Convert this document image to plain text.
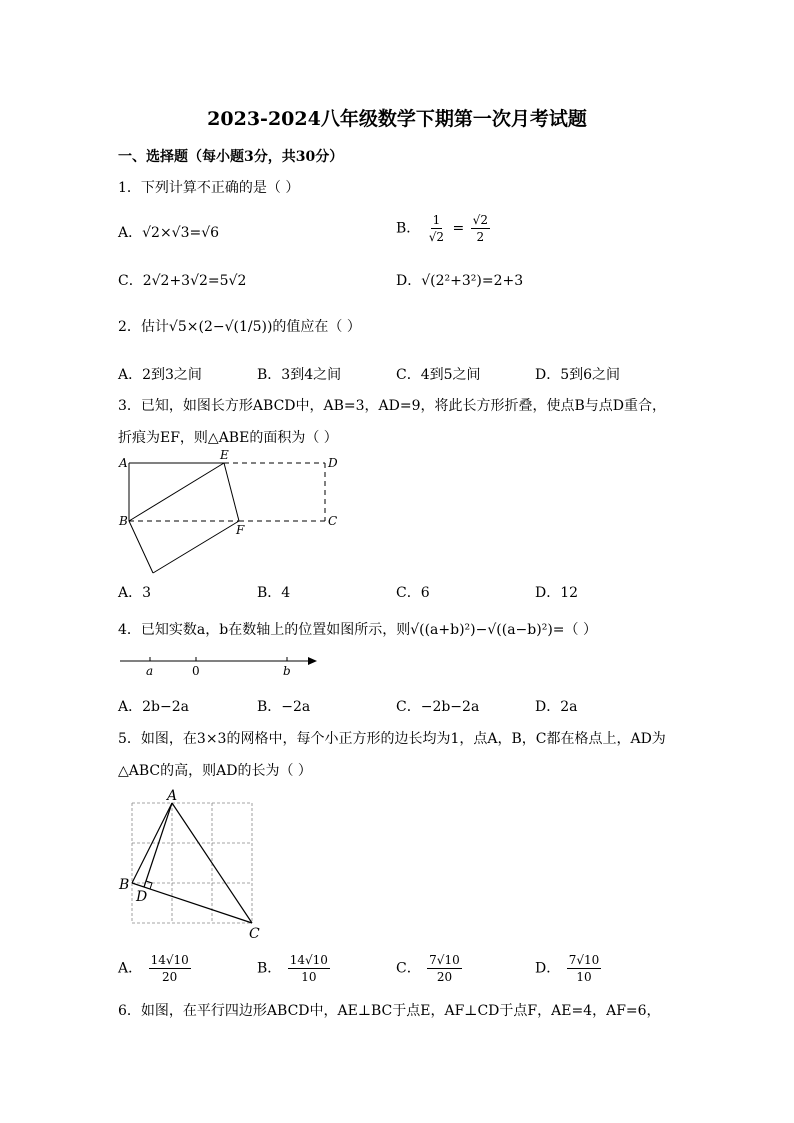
2023-2024八年级数学下期第一次月考试题
一、选择题（每小题3分，共30分）
1．下列计算不正确的是（ ）
A．√2×√3=√6	B． $\frac{1}{√2} = \frac{√2}{2}$
C．2√2+3√2=5√2	D．√(2²+3²)=2+3
2．估计√5×(2−√(1/5))的值应在（ ）
A．2到3之间	B．3到4之间	C．4到5之间	D．5到6之间
3．已知，如图长方形ABCD中，AB=3，AD=9，将此长方形折叠，使点B与点D重合，
折痕为EF，则△ABE的面积为（ ）
A
E
D
C
B
F
A．3	B．4	C．6	D．12
4．已知实数a，b在数轴上的位置如图所示，则√((a+b)²)−√((a−b)²)=（ ）
a	0	b
A．2b−2a	B．−2a	C．−2b−2a	D．2a
5．如图，在3×3的网格中，每个小正方形的边长均为1，点A，B，C都在格点上，AD为
△ABC的高，则AD的长为（ ）
A
B
D
C
A． $\frac{14√10}{20}$	B． $\frac{14√10}{10}$	C． $\frac{7√10}{20}$	D． $\frac{7√10}{10}$
6．如图，在平行四边形ABCD中，AE⊥BC于点E，AF⊥CD于点F，AE=4，AF=6，
